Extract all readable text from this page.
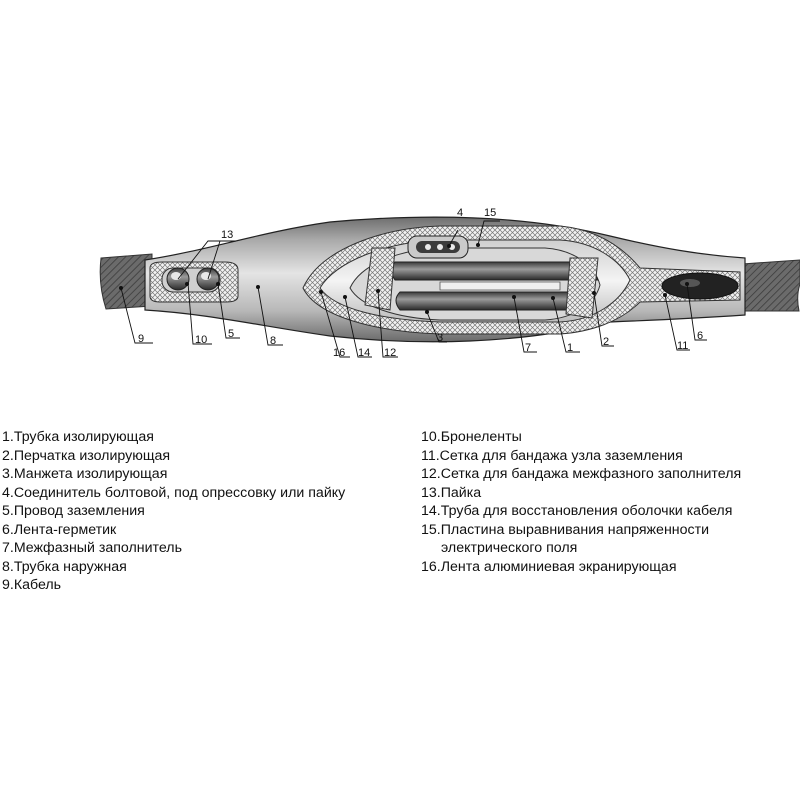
1	2
3
4
5	6
7
8
9	10	11
12
13
14
15
16
1.Трубка изолирующая
2.Перчатка изолирующая
3.Манжета изолирующая
4.Соединитель болтовой, под опрессовку или пайку
5.Провод заземления
6.Лента-герметик
7.Межфазный заполнитель
8.Трубка наружная
9.Кабель
10.Бронеленты
11.Сетка для бандажа узла заземления
12.Сетка для бандажа межфазного заполнителя
13.Пайка
14.Труба для восстановления оболочки кабеля
15.Пластина выравнивания напряженности
электрического поля
16.Лента алюминиевая экранирующая
